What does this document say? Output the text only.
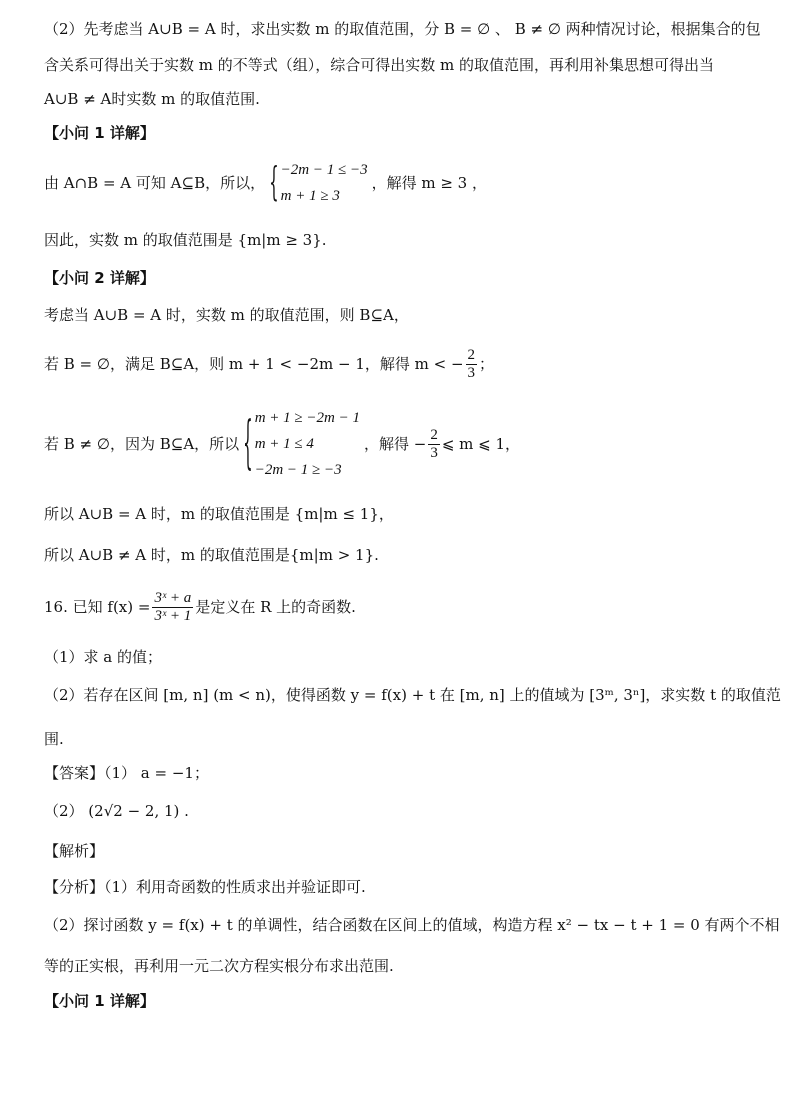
（2）先考虑当 A∪B = A 时，求出实数 m 的取值范围，分 B = ∅ 、 B ≠ ∅ 两种情况讨论，根据集合的包
含关系可得出关于实数 m 的不等式（组），综合可得出实数 m 的取值范围，再利用补集思想可得出当
A∪B ≠ A时实数 m 的取值范围.
【小问 1 详解】
由 A∩B = A 可知 A⊆B，所以， { −2m − 1 ≤ −3
m + 1 ≥ 3
，解得 m ≥ 3 ，
因此，实数 m 的取值范围是 {m|m ≥ 3}.
【小问 2 详解】
考虑当 A∪B = A 时，实数 m 的取值范围，则 B⊆A，
若 B = ∅，满足 B⊆A，则 m + 1 < −2m − 1，解得 m < − $\frac{2}{3}$ ；
若 B ≠ ∅，因为 B⊆A，所以 { m + 1 ≥ −2m − 1
m + 1 ≤ 4
−2m − 1 ≥ −3
，解得 − $\frac{2}{3}$ ⩽ m ⩽ 1，
所以 A∪B = A 时，m 的取值范围是 {m|m ≤ 1}，
所以 A∪B ≠ A 时，m 的取值范围是{m|m > 1}.
16. 已知 $f(x) = \frac{\text{3ˣ + a}}{\text{3ˣ + 1}}$ 是定义在 R 上的奇函数.
（1）求 a 的值；
（2）若存在区间 [m, n] (m < n)，使得函数 y = f(x) + t 在 [m, n] 上的值域为 [3ᵐ, 3ⁿ]，求实数 t 的取值范
围.
【答案】（1） a = −1；
（2） (2√2 − 2, 1) .
【解析】
【分析】（1）利用奇函数的性质求出并验证即可.
（2）探讨函数 y = f(x) + t 的单调性，结合函数在区间上的值域，构造方程 x² − tx − t + 1 = 0 有两个不相
等的正实根，再利用一元二次方程实根分布求出范围.
【小问 1 详解】
